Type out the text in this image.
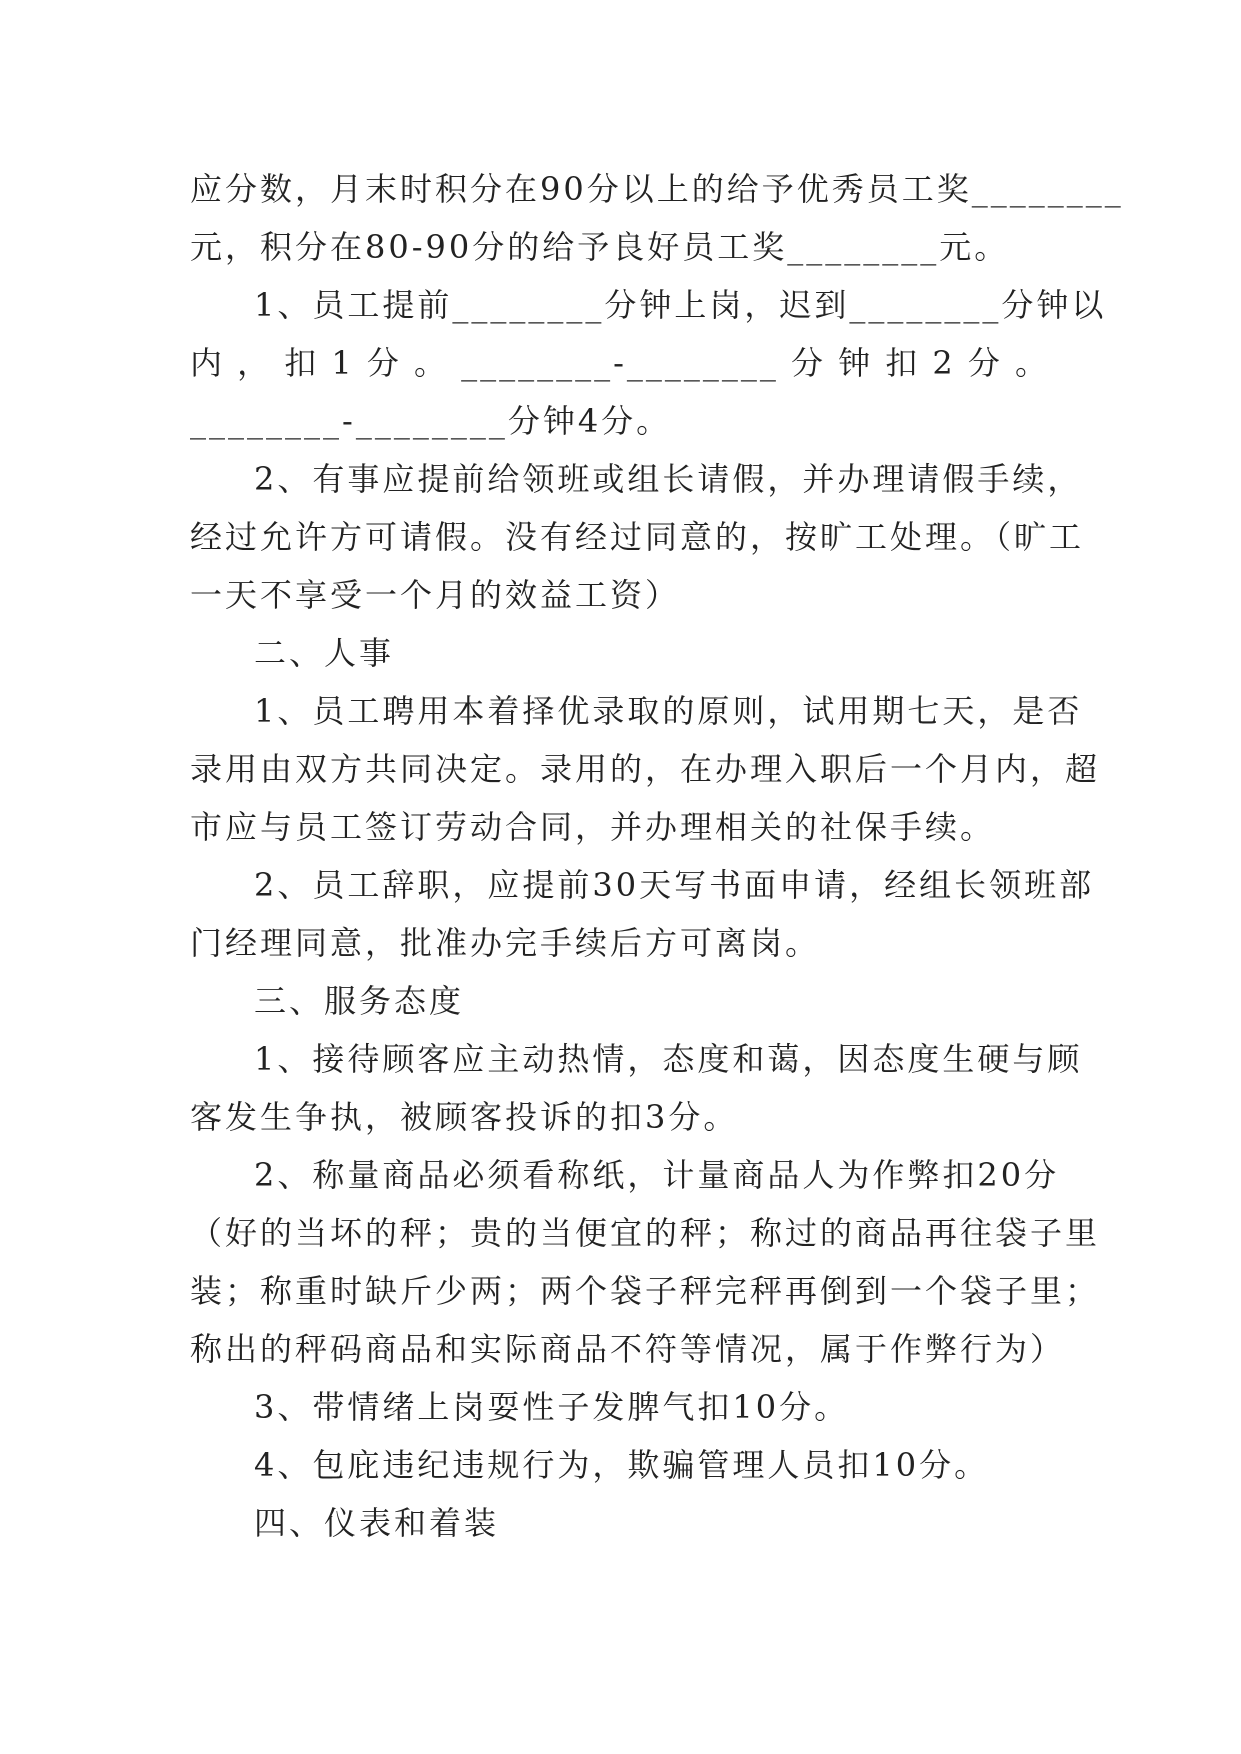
应分数，月末时积分在90分以上的给予优秀员工奖________
元，积分在80-90分的给予良好员工奖________元。
1、员工提前________分钟上岗，迟到________分钟以
内 ， 扣 1 分 。 ________-________ 分 钟 扣 2 分 。
________-________分钟4分。
2、有事应提前给领班或组长请假，并办理请假手续，
经过允许方可请假。没有经过同意的，按旷工处理。（旷工
一天不享受一个月的效益工资）
二、人事
1、员工聘用本着择优录取的原则，试用期七天，是否
录用由双方共同决定。录用的，在办理入职后一个月内，超
市应与员工签订劳动合同，并办理相关的社保手续。
2、员工辞职，应提前30天写书面申请，经组长领班部
门经理同意，批准办完手续后方可离岗。
三、服务态度
1、接待顾客应主动热情，态度和蔼，因态度生硬与顾
客发生争执，被顾客投诉的扣3分。
2、称量商品必须看称纸，计量商品人为作弊扣20分
（好的当坏的秤；贵的当便宜的秤；称过的商品再往袋子里
装；称重时缺斤少两；两个袋子秤完秤再倒到一个袋子里；
称出的秤码商品和实际商品不符等情况，属于作弊行为）
3、带情绪上岗耍性子发脾气扣10分。
4、包庇违纪违规行为，欺骗管理人员扣10分。
四、仪表和着装
